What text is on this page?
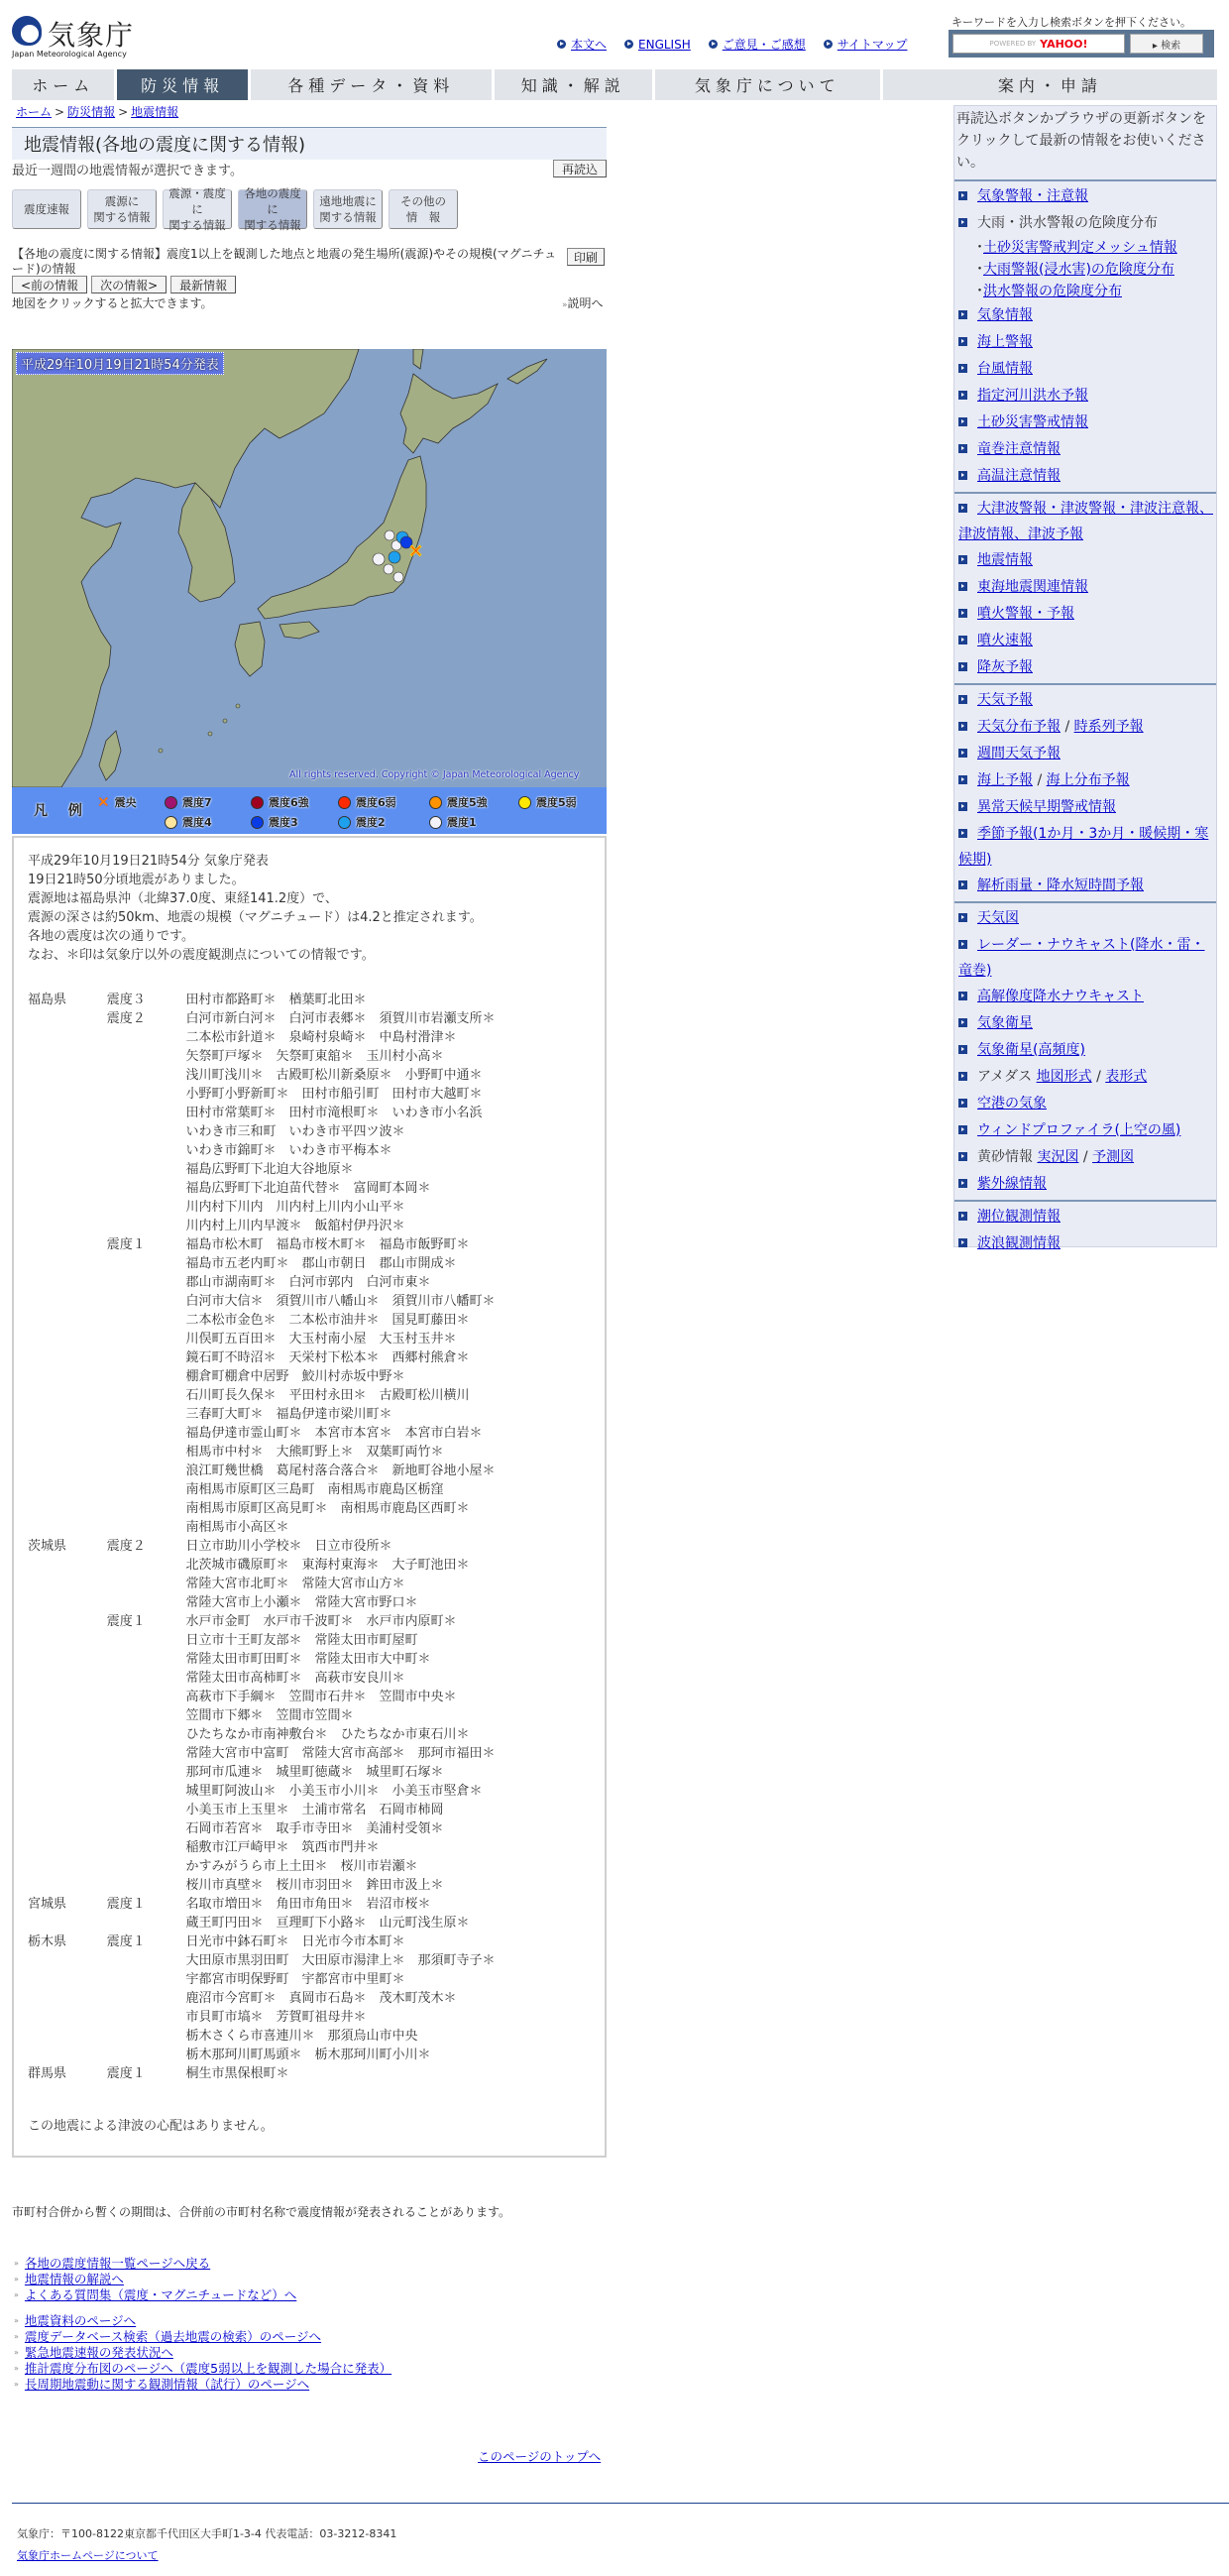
気象庁
Japan Meteorological Agency
本文へ	ENGLISH	ご意見・ご感想	サイトマップ
キーワードを入力し検索ボタンを押下ください。
POWERED BY YAHOO!	▸ 検索
ホーム	防災情報	各種データ・資料	知識・解説	気象庁について	案内・申請
ホーム > 防災情報 > 地震情報
地震情報(各地の震度に関する情報)
最近一週間の地震情報が選択できます。	再読込
震度速報
震源に
関する情報
震源・震度に
関する情報
各地の震度に
関する情報
遠地地震に
関する情報
その他の
情　報
【各地の震度に関する情報】震度1以上を観測した地点と地震の発生場所(震源)やその規模(マグニチュード)の情報
印刷
<前の情報	次の情報>	最新情報
地図をクリックすると拡大できます。	»説明へ
✕
平成29年10月19日21時54分発表
All rights reserved. Copyright © Japan Meteorological Agency
凡 例 ✕ 震央	震度7	震度6強	震度6弱	震度5強	震度5弱
震度4	震度3	震度2	震度1

平成29年10月19日21時54分 気象庁発表

19日21時50分頃地震がありました。

震源地は福島県沖（北緯37.0度、東経141.2度）で、

震源の深さは約50km、地震の規模（マグニチュード）は4.2と推定されます。

各地の震度は次の通りです。

なお、＊印は気象庁以外の震度観測点についての情報です。

福島県	震度３	田村市都路町＊　楢葉町北田＊
震度２	白河市新白河＊　白河市表郷＊　須賀川市岩瀬支所＊
二本松市針道＊　泉崎村泉崎＊　中島村滑津＊
矢祭町戸塚＊　矢祭町東舘＊　玉川村小高＊
浅川町浅川＊　古殿町松川新桑原＊　小野町中通＊
小野町小野新町＊　田村市船引町　田村市大越町＊
田村市常葉町＊　田村市滝根町＊　いわき市小名浜
いわき市三和町　いわき市平四ツ波＊
いわき市錦町＊　いわき市平梅本＊
福島広野町下北迫大谷地原＊
福島広野町下北迫苗代替＊　富岡町本岡＊
川内村下川内　川内村上川内小山平＊
川内村上川内早渡＊　飯舘村伊丹沢＊
震度１	福島市松木町　福島市桜木町＊　福島市飯野町＊
福島市五老内町＊　郡山市朝日　郡山市開成＊
郡山市湖南町＊　白河市郭内　白河市東＊
白河市大信＊　須賀川市八幡山＊　須賀川市八幡町＊
二本松市金色＊　二本松市油井＊　国見町藤田＊
川俣町五百田＊　大玉村南小屋　大玉村玉井＊
鏡石町不時沼＊　天栄村下松本＊　西郷村熊倉＊
棚倉町棚倉中居野　鮫川村赤坂中野＊
石川町長久保＊　平田村永田＊　古殿町松川横川
三春町大町＊　福島伊達市梁川町＊
福島伊達市霊山町＊　本宮市本宮＊　本宮市白岩＊
相馬市中村＊　大熊町野上＊　双葉町両竹＊
浪江町幾世橋　葛尾村落合落合＊　新地町谷地小屋＊
南相馬市原町区三島町　南相馬市鹿島区栃窪
南相馬市原町区高見町＊　南相馬市鹿島区西町＊
南相馬市小高区＊
茨城県	震度２	日立市助川小学校＊　日立市役所＊
北茨城市磯原町＊　東海村東海＊　大子町池田＊
常陸大宮市北町＊　常陸大宮市山方＊
常陸大宮市上小瀬＊　常陸大宮市野口＊
震度１	水戸市金町　水戸市千波町＊　水戸市内原町＊
日立市十王町友部＊　常陸太田市町屋町
常陸太田市町田町＊　常陸太田市大中町＊
常陸太田市高柿町＊　高萩市安良川＊
高萩市下手綱＊　笠間市石井＊　笠間市中央＊
笠間市下郷＊　笠間市笠間＊
ひたちなか市南神敷台＊　ひたちなか市東石川＊
常陸大宮市中富町　常陸大宮市高部＊　那珂市福田＊
那珂市瓜連＊　城里町徳蔵＊　城里町石塚＊
城里町阿波山＊　小美玉市小川＊　小美玉市堅倉＊
小美玉市上玉里＊　土浦市常名　石岡市柿岡
石岡市若宮＊　取手市寺田＊　美浦村受領＊
稲敷市江戸崎甲＊　筑西市門井＊
かすみがうら市上土田＊　桜川市岩瀬＊
桜川市真壁＊　桜川市羽田＊　鉾田市汲上＊
宮城県	震度１	名取市増田＊　角田市角田＊　岩沼市桜＊
蔵王町円田＊　亘理町下小路＊　山元町浅生原＊
栃木県	震度１	日光市中鉢石町＊　日光市今市本町＊
大田原市黒羽田町　大田原市湯津上＊　那須町寺子＊
宇都宮市明保野町　宇都宮市中里町＊
鹿沼市今宮町＊　真岡市石島＊　茂木町茂木＊
市貝町市塙＊　芳賀町祖母井＊
栃木さくら市喜連川＊　那須烏山市中央
栃木那珂川町馬頭＊　栃木那珂川町小川＊
群馬県	震度１	桐生市黒保根町＊
この地震による津波の心配はありません。
市町村合併から暫くの期間は、合併前の市町村名称で震度情報が発表されることがあります。
» 各地の震度情報一覧ページへ戻る
» 地震情報の解説へ
» よくある質問集（震度・マグニチュードなど）へ
» 地震資料のページへ
» 震度データベース検索（過去地震の検索）のページへ
» 緊急地震速報の発表状況へ
» 推計震度分布図のページへ（震度5弱以上を観測した場合に発表）
» 長周期地震動に関する観測情報（試行）のページへ
このページのトップへ
気象庁：〒100-8122東京都千代田区大手町1-3-4 代表電話：03-3212-8341
気象庁ホームページについて
再読込ボタンかブラウザの更新ボタンをクリックして最新の情報をお使いください。
気象警報・注意報
大雨・洪水警報の危険度分布
･ 土砂災害警戒判定メッシュ情報
･ 大雨警報(浸水害)の危険度分布
･ 洪水警報の危険度分布
気象情報
海上警報
台風情報
指定河川洪水予報
土砂災害警戒情報
竜巻注意情報
高温注意情報
大津波警報・津波警報・津波注意報、津波情報、津波予報
地震情報
東海地震関連情報
噴火警報・予報
噴火速報
降灰予報
天気予報
天気分布予報 / 時系列予報
週間天気予報
海上予報 / 海上分布予報
異常天候早期警戒情報
季節予報(1か月・3か月・暖候期・寒候期)
解析雨量・降水短時間予報
天気図
レーダー・ナウキャスト(降水・雷・竜巻)
高解像度降水ナウキャスト
気象衛星
気象衛星(高頻度)
アメダス 地図形式 / 表形式
空港の気象
ウィンドプロファイラ(上空の風)
黄砂情報 実況図 / 予測図
紫外線情報
潮位観測情報
波浪観測情報
